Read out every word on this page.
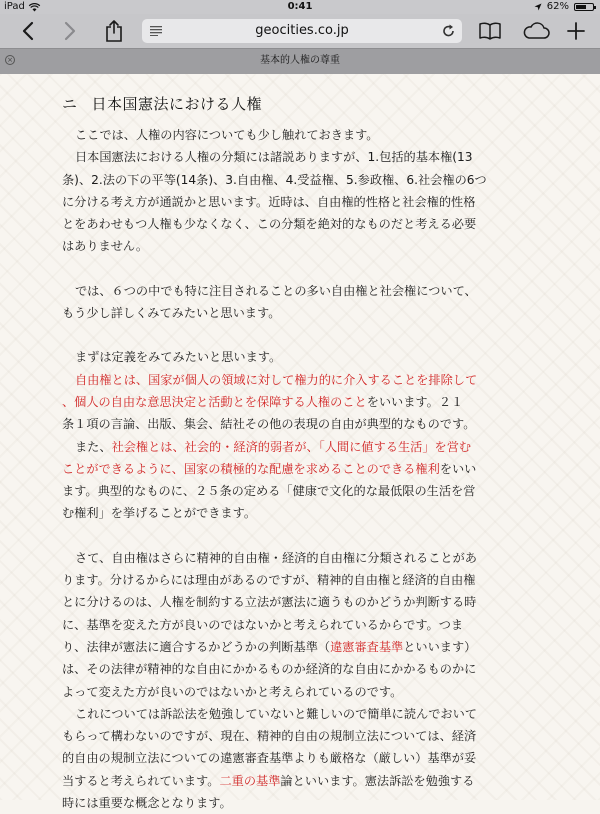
iPad	0:41	62%
geocities.co.jp
×	基本的人権の尊重
ニ 日本国憲法における人権

ここでは、人権の内容についても少し触れておきます。

日本国憲法における人権の分類には諸説ありますが、1.包括的基本権(13

条)、2.法の下の平等(14条)、3.自由権、4.受益権、5.参政権、6.社会権の6つ

に分ける考え方が通説かと思います。近時は、自由権的性格と社会権的性格

とをあわせもつ人権も少なくなく、この分類を絶対的なものだと考える必要

はありません。

では、６つの中でも特に注目されることの多い自由権と社会権について、

もう少し詳しくみてみたいと思います。

まずは定義をみてみたいと思います。

自由権とは、国家が個人の領域に対して権力的に介入することを排除して

、個人の自由な意思決定と活動とを保障する人権のことをいいます。２１

条１項の言論、出版、集会、結社その他の表現の自由が典型的なものです。

また、社会権とは、社会的・経済的弱者が、「人間に値する生活」を営む

ことができるように、国家の積極的な配慮を求めることのできる権利をいい

ます。典型的なものに、２５条の定める「健康で文化的な最低限の生活を営

む権利」を挙げることができます。

さて、自由権はさらに精神的自由権・経済的自由権に分類されることがあ

ります。分けるからには理由があるのですが、精神的自由権と経済的自由権

とに分けるのは、人権を制約する立法が憲法に適うものかどうか判断する時

に、基準を変えた方が良いのではないかと考えられているからです。つま

り、法律が憲法に適合するかどうかの判断基準（違憲審査基準といいます）

は、その法律が精神的な自由にかかるものか経済的な自由にかかるものかに

よって変えた方が良いのではないかと考えられているのです。

これについては訴訟法を勉強していないと難しいので簡単に読んでおいて

もらって構わないのですが、現在、精神的自由の規制立法については、経済

的自由の規制立法についての違憲審査基準よりも厳格な（厳しい）基準が妥

当すると考えられています。二重の基準論といいます。憲法訴訟を勉強する

時には重要な概念となります。
